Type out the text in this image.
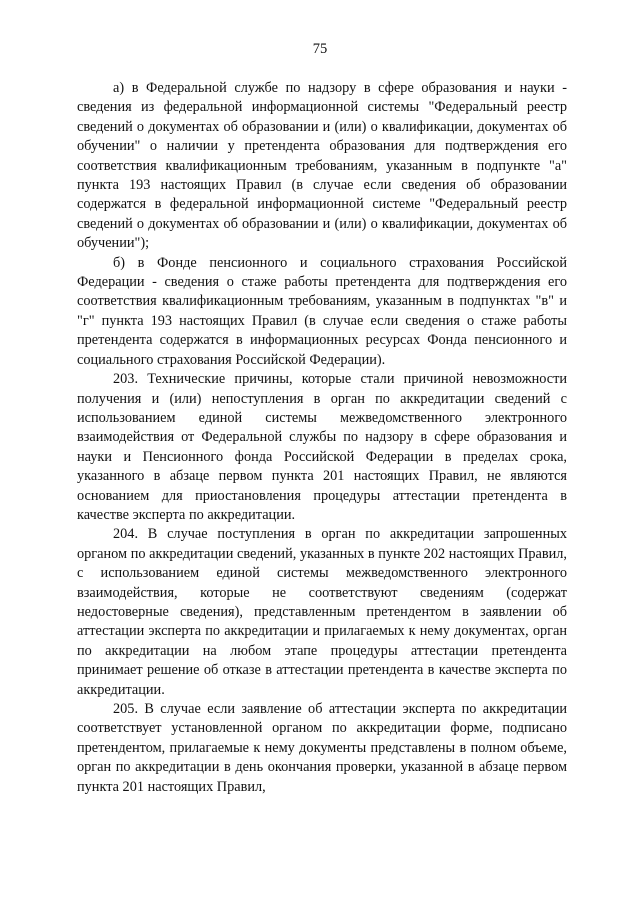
75

а) в Федеральной службе по надзору в сфере образования и науки - сведения из федеральной информационной системы "Федеральный реестр сведений о документах об образовании и (или) о квалификации, документах об обучении" о наличии у претендента образования для подтверждения его соответствия квалификационным требованиям, указанным в подпункте "а" пункта 193 настоящих Правил (в случае если сведения об образовании содержатся в федеральной информационной системе "Федеральный реестр сведений о документах об образовании и (или) о квалификации, документах об обучении");

б) в Фонде пенсионного и социального страхования Российской Федерации - сведения о стаже работы претендента для подтверждения его соответствия квалификационным требованиям, указанным в подпунктах "в" и "г" пункта 193 настоящих Правил (в случае если сведения о стаже работы претендента содержатся в информационных ресурсах Фонда пенсионного и социального страхования Российской Федерации).

203. Технические причины, которые стали причиной невозможности получения и (или) непоступления в орган по аккредитации сведений с использованием единой системы межведомственного электронного взаимодействия от Федеральной службы по надзору в сфере образования и науки и Пенсионного фонда Российской Федерации в пределах срока, указанного в абзаце первом пункта 201 настоящих Правил, не являются основанием для приостановления процедуры аттестации претендента в качестве эксперта по аккредитации.

204. В случае поступления в орган по аккредитации запрошенных органом по аккредитации сведений, указанных в пункте 202 настоящих Правил, с использованием единой системы межведомственного электронного взаимодействия, которые не соответствуют сведениям (содержат недостоверные сведения), представленным претендентом в заявлении об аттестации эксперта по аккредитации и прилагаемых к нему документах, орган по аккредитации на любом этапе процедуры аттестации претендента принимает решение об отказе в аттестации претендента в качестве эксперта по аккредитации.

205. В случае если заявление об аттестации эксперта по аккредитации соответствует установленной органом по аккредитации форме, подписано претендентом, прилагаемые к нему документы представлены в полном объеме, орган по аккредитации в день окончания проверки, указанной в абзаце первом пункта 201 настоящих Правил,
